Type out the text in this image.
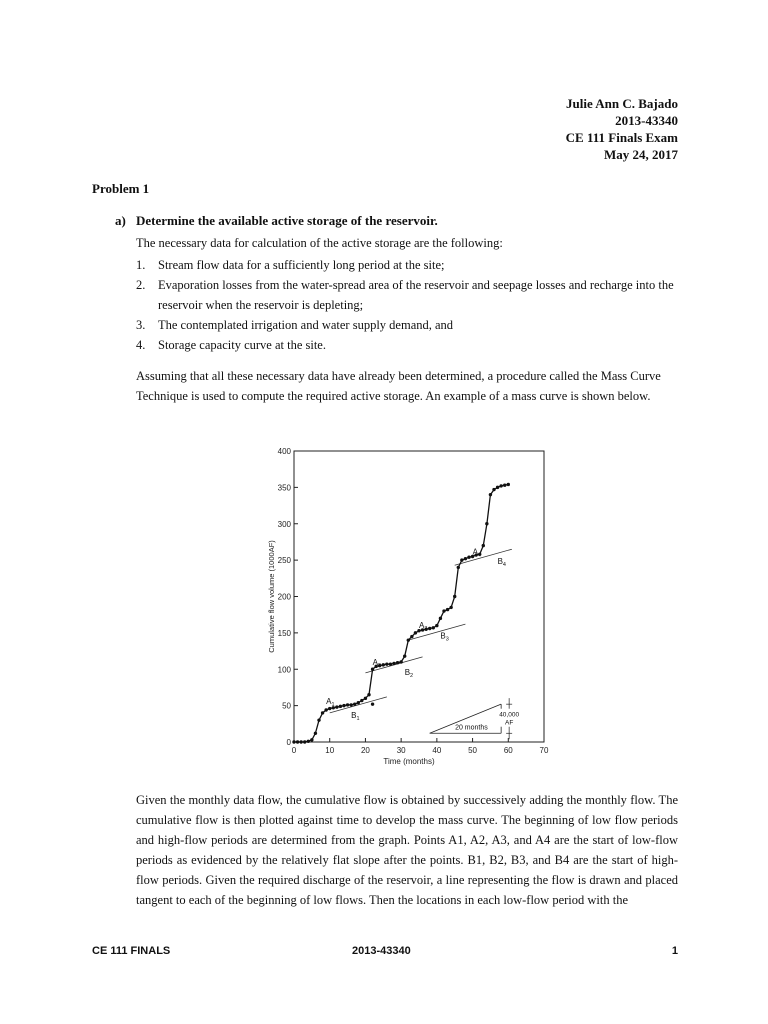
Julie Ann C. Bajado
2013-43340
CE 111 Finals Exam
May 24, 2017
Problem 1
a) Determine the available active storage of the reservoir.
The necessary data for calculation of the active storage are the following:
1.	Stream flow data for a sufficiently long period at the site;
2.	Evaporation losses from the water-spread area of the reservoir and seepage losses and recharge into the reservoir when the reservoir is depleting;
3.	The contemplated irrigation and water supply demand, and
4.	Storage capacity curve at the site.
Assuming that all these necessary data have already been determined, a procedure called the Mass Curve Technique is used to compute the required active storage. An example of a mass curve is shown below.
0	10	20	30	40	50	60	70
0
50
100
150
200
250
300
350
400
Time (months)
Cumulative flow volume (1000AF)
$A_1$
$B_1$
$A_2$
$B_2$
$A_3$
$B_3$
$A_4$
$B_4$
20 months
40,000
AF
Given the monthly data flow, the cumulative flow is obtained by successively adding the monthly flow. The cumulative flow is then plotted against time to develop the mass curve. The beginning of low flow periods and high-flow periods are determined from the graph. Points A1, A2, A3, and A4 are the start of low-flow periods as evidenced by the relatively flat slope after the points. B1, B2, B3, and B4 are the start of high-flow periods. Given the required discharge of the reservoir, a line representing the flow is drawn and placed tangent to each of the beginning of low flows. Then the locations in each low-flow period with the
CE 111 FINALS	2013-43340	1
